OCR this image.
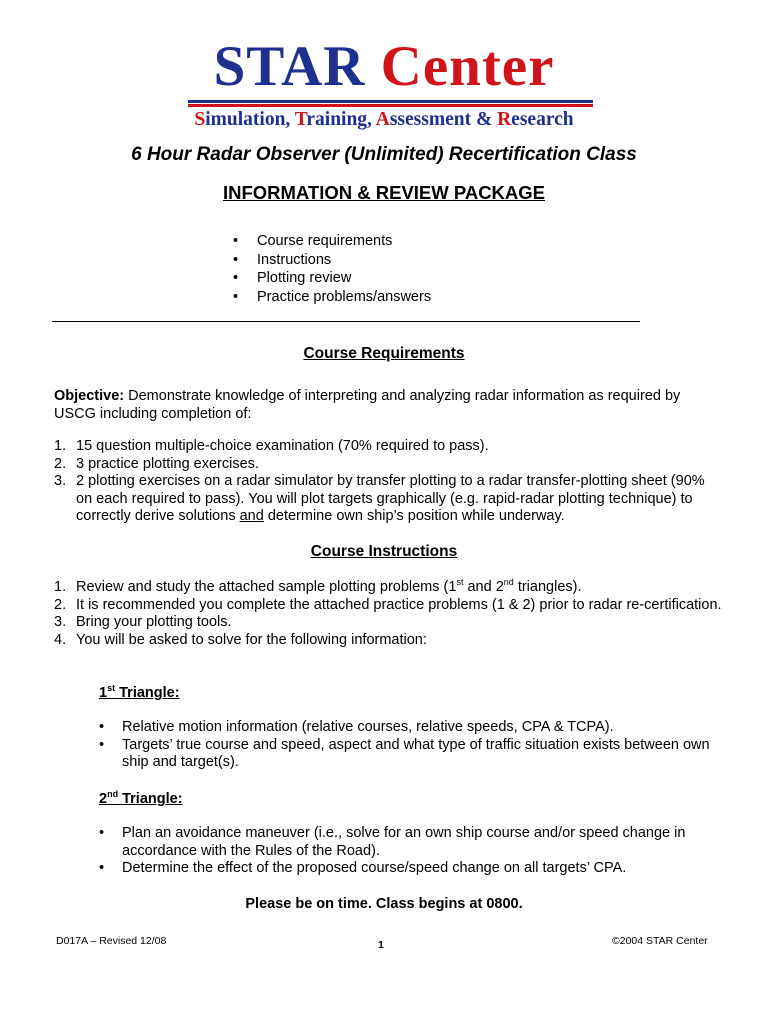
STAR Center
Simulation, Training, Assessment & Research
6 Hour Radar Observer (Unlimited) Recertification Class
INFORMATION & REVIEW PACKAGE
• Course requirements
• Instructions
• Plotting review
• Practice problems/answers
Course Requirements
Objective: Demonstrate knowledge of interpreting and analyzing radar information as required by USCG including completion of:
1. 15 question multiple-choice examination (70% required to pass).
2. 3 practice plotting exercises.
3. 2 plotting exercises on a radar simulator by transfer plotting to a radar transfer-plotting sheet (90% on each required to pass). You will plot targets graphically (e.g. rapid-radar plotting technique) to correctly derive solutions and determine own ship’s position while underway.
Course Instructions
1. Review and study the attached sample plotting problems (1st and 2nd triangles).
2. It is recommended you complete the attached practice problems (1 & 2) prior to radar re-certification.
3. Bring your plotting tools.
4. You will be asked to solve for the following information:
1st Triangle:
• Relative motion information (relative courses, relative speeds, CPA & TCPA).
• Targets’ true course and speed, aspect and what type of traffic situation exists between own ship and target(s).
2nd Triangle:
• Plan an avoidance maneuver (i.e., solve for an own ship course and/or speed change in accordance with the Rules of the Road).
• Determine the effect of the proposed course/speed change on all targets’ CPA.
Please be on time. Class begins at 0800.
D017A – Revised 12/08	1	©2004 STAR Center
